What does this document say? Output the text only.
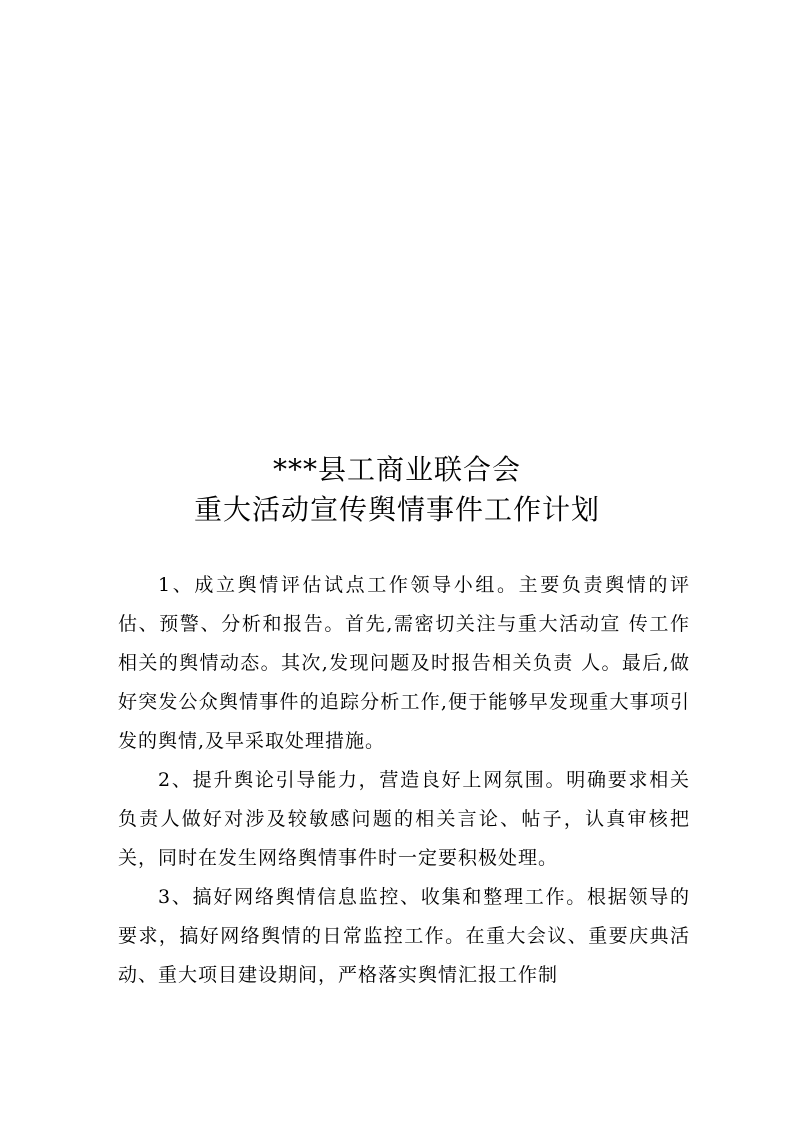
***县工商业联合会
重大活动宣传舆情事件工作计划

1、成立舆情评估试点工作领导小组。主要负责舆情的评估、预警、分析和报告。首先,需密切关注与重大活动宣 传工作相关的舆情动态。其次,发现问题及时报告相关负责 人。最后,做好突发公众舆情事件的追踪分析工作,便于能够早发现重大事项引发的舆情,及早采取处理措施。

2、提升舆论引导能力，营造良好上网氛围。明确要求相关负责人做好对涉及较敏感问题的相关言论、帖子，认真审核把关，同时在发生网络舆情事件时一定要积极处理。

3、搞好网络舆情信息监控、收集和整理工作。根据领导的要求，搞好网络舆情的日常监控工作。在重大会议、重要庆典活动、重大项目建设期间，严格落实舆情汇报工作制
